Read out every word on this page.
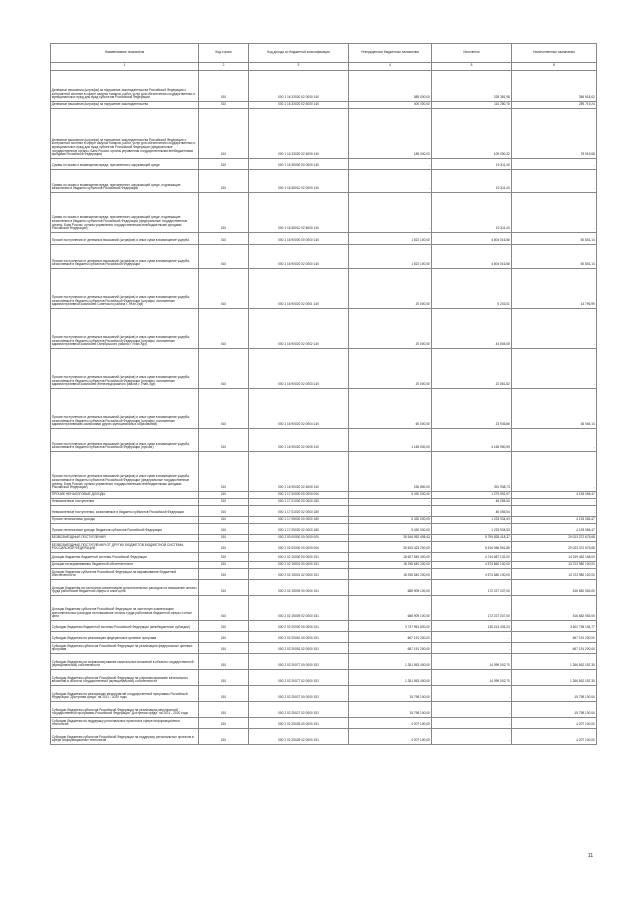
Наименование показателя	Код строки	Код дохода по бюджетной классификации	Утвержденные бюджетные назначения	Исполнено	Неисполненные назначения
1	2	3	4	5	6
Денежные взыскания (штрафы) за нарушение законодательства Российской Федерации о контрактной системе в сфере закупок товаров, работ, услуг для обеспечения государственных и муниципальных нужд для нужд субъектов Российской Федерации	010	000 1 16 33020 02 0000 140	585 000,00	228 381,98	356 618,02
Денежные взыскания (штрафы) за нарушение законодательства	010	000 1 16 33020 02 6000 140	400 000,00	110 280,76	289 719,24
Денежные взыскания (штрафы) за нарушение законодательства Российской Федерации о контрактной системе в сфере закупок товаров, работ, услуг для обеспечения государственных и муниципальных нужд для нужд субъектов Российской Федерации (федеральные государственные органы, Банк России, органы управления государственными внебюджетными фондами Российской Федерации)	010	000 1 16 33020 02 6000 140	185 000,00	109 090,32	75 919,68
Суммы по искам о возмещении вреда, причиненного окружающей среде	010	000 1 16 35000 00 0000 140	-	19 311,40	-
Суммы по искам о возмещении вреда, причиненного окружающей среде, подлежащие зачислению в бюджеты субъектов Российской Федерации	010	000 1 16 35010 02 0000 140	-	19 311,40	-
Суммы по искам о возмещении вреда, причиненного окружающей среде, подлежащие зачислению в бюджеты субъектов Российской Федерации (федеральные государственные органы, Банк России, органы управления государственными внебюджетными фондами Российской Федерации)	010	000 1 16 35010 02 6000 140	-	19 311,40	-
Прочие поступления от денежных взысканий (штрафов) и иных сумм в возмещение ущерба	010	000 1 16 90000 00 0000 140	1 522 100,00	4 604 016,56	50 851,14
Прочие поступления от денежных взысканий (штрафов) и иных сумм в возмещение ущерба, зачисляемые в бюджеты субъектов Российской Федерации	010	000 1 16 90020 02 0000 140	1 522 100,00	4 604 016,56	50 851,14
Прочие поступления от денежных взысканий (штрафов) и иных сумм в возмещение ущерба, зачисляемые в бюджеты субъектов Российской Федерации (штрафы, наложенные административной комиссией Советского района г. Улан-Удэ)	010	000 1 16 90020 02 0001 140	20 000,00	5 203,01	14 796,99
Прочие поступления от денежных взысканий (штрафов) и иных сумм в возмещение ущерба, зачисляемые в бюджеты субъектов Российской Федерации (штрафы, наложенные административной комиссией Октябрьского района г. Улан-Удэ)	010	000 1 16 90020 02 0002 140	20 000,00	44 505,05	-
Прочие поступления от денежных взысканий (штрафов) и иных сумм в возмещение ущерба, зачисляемые в бюджеты субъектов Российской Федерации (штрафы, наложенные административной комиссией Железнодорожного района г. Улан-Удэ)	010	000 1 16 90020 02 0003 140	20 000,00	22 851,82	-
Прочие поступления от денежных взысканий (штрафов) и иных сумм в возмещение ущерба, зачисляемые в бюджеты субъектов Российской Федерации (штрафы, наложенные административными комиссиями других муниципальных образований)	010	000 1 16 90020 02 0004 140	60 000,00	23 945,86	36 054,14
Прочие поступления от денежных взысканий (штрафов) и иных сумм в возмещение ущерба, зачисляемые в бюджеты субъектов Российской Федерации (прочие)	010	000 1 16 90020 02 0005 140	1 165 000,00	4 165 950,59	-
Прочие поступления от денежных взысканий (штрафов) и иных сумм в возмещение ущерба, зачисляемые в бюджеты субъектов Российской Федерации (федеральные государственные органы, Банк России, органы управления государственными внебюджетными фондами Российской Федерации)	010	000 1 16 90020 02 6000 140	236 850,00	391 938,73	-
ПРОЧИЕ НЕНАЛОГОВЫЕ ДОХОДЫ	010	000 1 17 00000 00 0000 000	5 430 000,00	1 279 991,97	4 193 065,47
Невыясненные поступления	010	000 1 17 01000 00 0000 180	-	46 055,54	-
Невыясненные поступления, зачисляемые в бюджеты субъектов Российской Федерации	010	000 1 17 01020 02 0000 180	-	46 055,54	-
Прочие неналоговые доходы	010	000 1 17 05000 00 0000 180	5 430 000,00	1 233 934,53	4 193 065,47
Прочие неналоговые доходы бюджетов субъектов Российской Федерации	010	000 1 17 05020 02 0000 180	5 430 000,00	1 233 934,53	4 193 065,47
БЕЗВОЗМЕЗДНЫЕ ПОСТУПЛЕНИЯ	010	000 2 00 00000 00 0000 000	26 546 952 498,43	5 759 828 418,37	20 023 372 675,68
БЕЗВОЗМЕЗДНЫЕ ПОСТУПЛЕНИЯ ОТ ДРУГИХ БЮДЖЕТОВ БЮДЖЕТНОЙ СИСТЕМЫ РОССИЙСКОЙ ФЕДЕРАЦИИ	010	000 2 02 00000 00 0000 000	26 525 423 200,00	5 516 066 551,86	20 023 372 675,68
Дотации бюджетам бюджетной системы Российской Федерации	010	000 2 02 10000 00 0000 151	18 607 549 300,00	4 744 687 132,00	14 249 462 168,00
Дотации на выравнивание бюджетной обеспеченности	010	000 2 02 15001 00 0000 151	18 298 640 200,00	4 574 660 100,00	13 723 980 100,00
Дотации бюджетам субъектов Российской Федерации на выравнивание бюджетной обеспеченности	010	000 2 02 15001 02 0000 151	18 298 640 200,00	4 574 660 100,00	13 723 980 100,00
Дотации бюджетам на частичную компенсацию дополнительных расходов на повышение оплаты труда работников бюджетной сферы и иные цели	010	000 2 02 15009 00 0000 151	688 909 100,00	172 227 037,00	516 682 063,00
Дотации бюджетам субъектов Российской Федерации на частичную компенсацию дополнительных расходов на повышение оплаты труда работников бюджетной сферы и иные цели	010	000 2 02 15009 02 0000 151	688 909 100,00	172 227 037,00	516 682 063,00
Субсидии бюджетам бюджетной системы Российской Федерации (межбюджетные субсидии)	010	000 2 02 20000 00 0000 151	3 737 951 600,00	135 213 405,23	3 602 738 194,77
Субсидии бюджетам на реализацию федеральных целевых программ	010	000 2 02 20051 00 0000 151	667 191 200,00	-	667 191 200,00
Субсидии бюджетам субъектов Российской Федерации на реализацию федеральных целевых программ	010	000 2 02 20051 02 0000 151	667 191 200,00	-	667 191 200,00
Субсидии бюджетам на софинансирование капитальных вложений в объекты государственной (муниципальной) собственности	010	000 2 02 20077 00 0000 151	1 281 553 400,00	14 099 002,70	1 266 552 187,30
Субсидии бюджетам субъектов Российской Федерации на софинансирование капитальных вложений в объекты государственной (муниципальной) собственности	010	000 2 02 20077 02 0000 151	1 281 553 400,00	14 099 002,70	1 266 552 187,30
Субсидии бюджетам на реализацию мероприятий государственной программы Российской Федерации "Доступная среда" на 2011 - 2020 годы	010	000 2 02 25027 00 0000 151	15 798 100,00	-	15 798 100,00
Субсидии бюджетам субъектов Российской Федерации на реализацию мероприятий государственной программы Российской Федерации "Доступная среда" на 2011 - 2020 годы	010	000 2 02 25027 02 0000 151	15 798 100,00	-	15 798 100,00
Субсидии бюджетам на поддержку региональных проектов в сфере информационных технологий	010	000 2 02 25028 00 0000 151	4 207 100,00	-	4 207 100,00
Субсидии бюджетам субъектов Российской Федерации на поддержку региональных проектов в сфере информационных технологий	010	000 2 02 25028 02 0000 151	4 207 100,00	-	4 207 100,00
11
